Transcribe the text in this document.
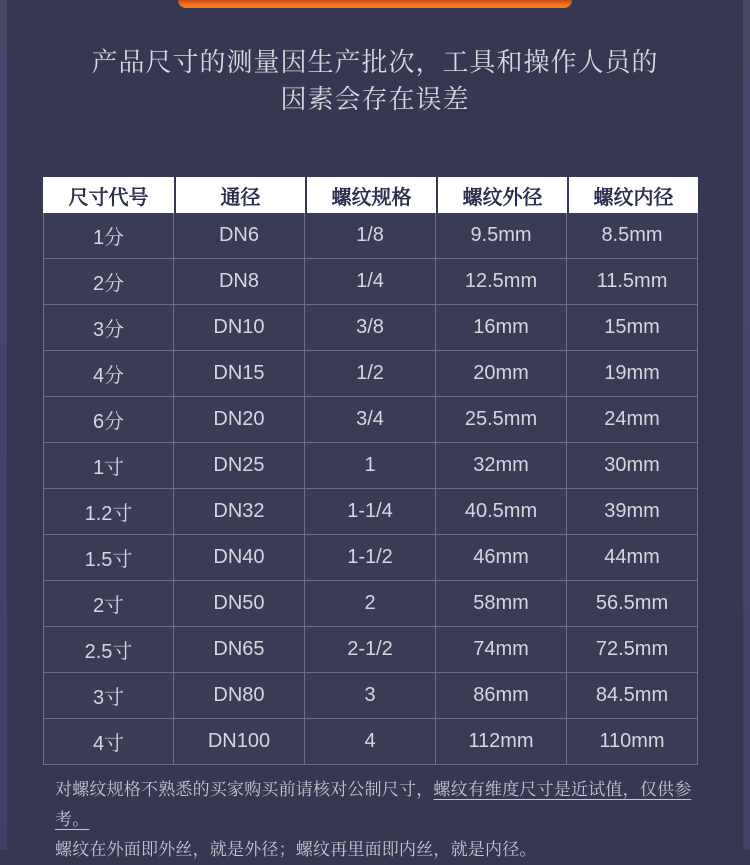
产品尺寸的测量因生产批次，工具和操作人员的
因素会存在误差
尺寸代号	通径	螺纹规格	螺纹外径	螺纹内径
1分	DN6	1/8	9.5mm	8.5mm
2分	DN8	1/4	12.5mm	11.5mm
3分	DN10	3/8	16mm	15mm
4分	DN15	1/2	20mm	19mm
6分	DN20	3/4	25.5mm	24mm
1寸	DN25	1	32mm	30mm
1.2寸	DN32	1-1/4	40.5mm	39mm
1.5寸	DN40	1-1/2	46mm	44mm
2寸	DN50	2	58mm	56.5mm
2.5寸	DN65	2-1/2	74mm	72.5mm
3寸	DN80	3	86mm	84.5mm
4寸	DN100	4	112mm	110mm
对螺纹规格不熟悉的买家购买前请核对公制尺寸，螺纹有维度尺寸是近试值，仅供参考。
螺纹在外面即外丝，就是外径；螺纹再里面即内丝，就是内径。
